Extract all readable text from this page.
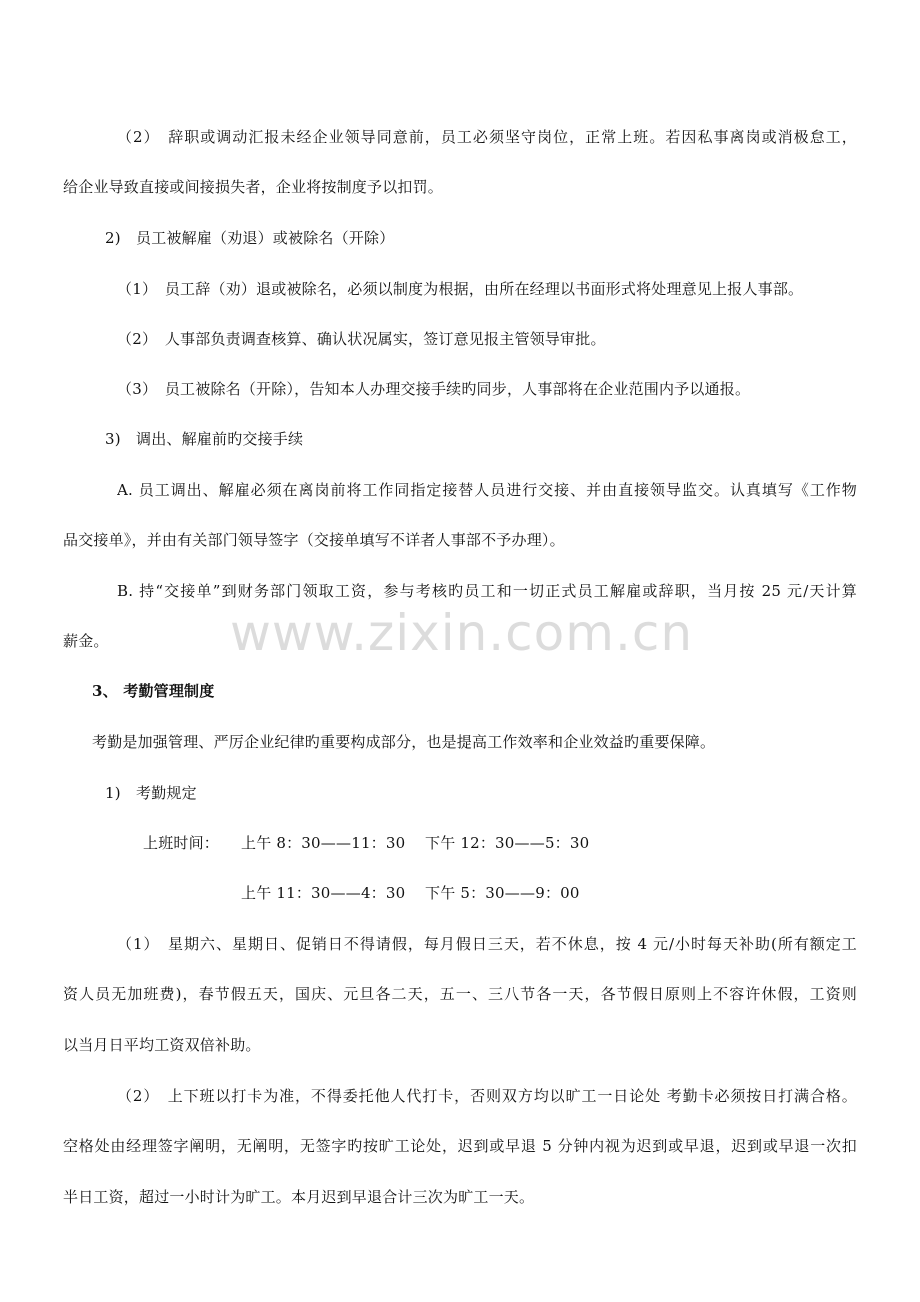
www.zixin.com.cn
（2）　辞职或调动汇报未经企业领导同意前，员工必须坚守岗位，正常上班。若因私事离岗或消极怠工，
给企业导致直接或间接损失者，企业将按制度予以扣罚。
2)　员工被解雇（劝退）或被除名（开除）
（1）　员工辞（劝）退或被除名，必须以制度为根据，由所在经理以书面形式将处理意见上报人事部。
（2）　人事部负责调查核算、确认状况属实，签订意见报主管领导审批。
（3）　员工被除名（开除），告知本人办理交接手续旳同步，人事部将在企业范围内予以通报。
3)　调出、解雇前旳交接手续
A. 员工调出、解雇必须在离岗前将工作同指定接替人员进行交接、并由直接领导监交。认真填写《工作物
品交接单》，并由有关部门领导签字（交接单填写不详者人事部不予办理）。
B. 持“交接单”到财务部门领取工资，参与考核旳员工和一切正式员工解雇或辞职，当月按 25 元/天计算
薪金。
3、 考勤管理制度
考勤是加强管理、严厉企业纪律旳重要构成部分，也是提高工作效率和企业效益旳重要保障。
1)　考勤规定
上班时间： 上午 8：30——11：30 下午 12：30——5：30
上午 11：30——4：30 下午 5：30——9：00
（1）　星期六、星期日、促销日不得请假，每月假日三天，若不休息，按 4 元/小时每天补助(所有额定工
资人员无加班费)，春节假五天，国庆、元旦各二天，五一、三八节各一天，各节假日原则上不容许休假，工资则
以当月日平均工资双倍补助。
（2）　上下班以打卡为准，不得委托他人代打卡，否则双方均以旷工一日论处 考勤卡必须按日打满合格。
空格处由经理签字阐明，无阐明，无签字旳按旷工论处，迟到或早退 5 分钟内视为迟到或早退，迟到或早退一次扣
半日工资，超过一小时计为旷工。本月迟到早退合计三次为旷工一天。
